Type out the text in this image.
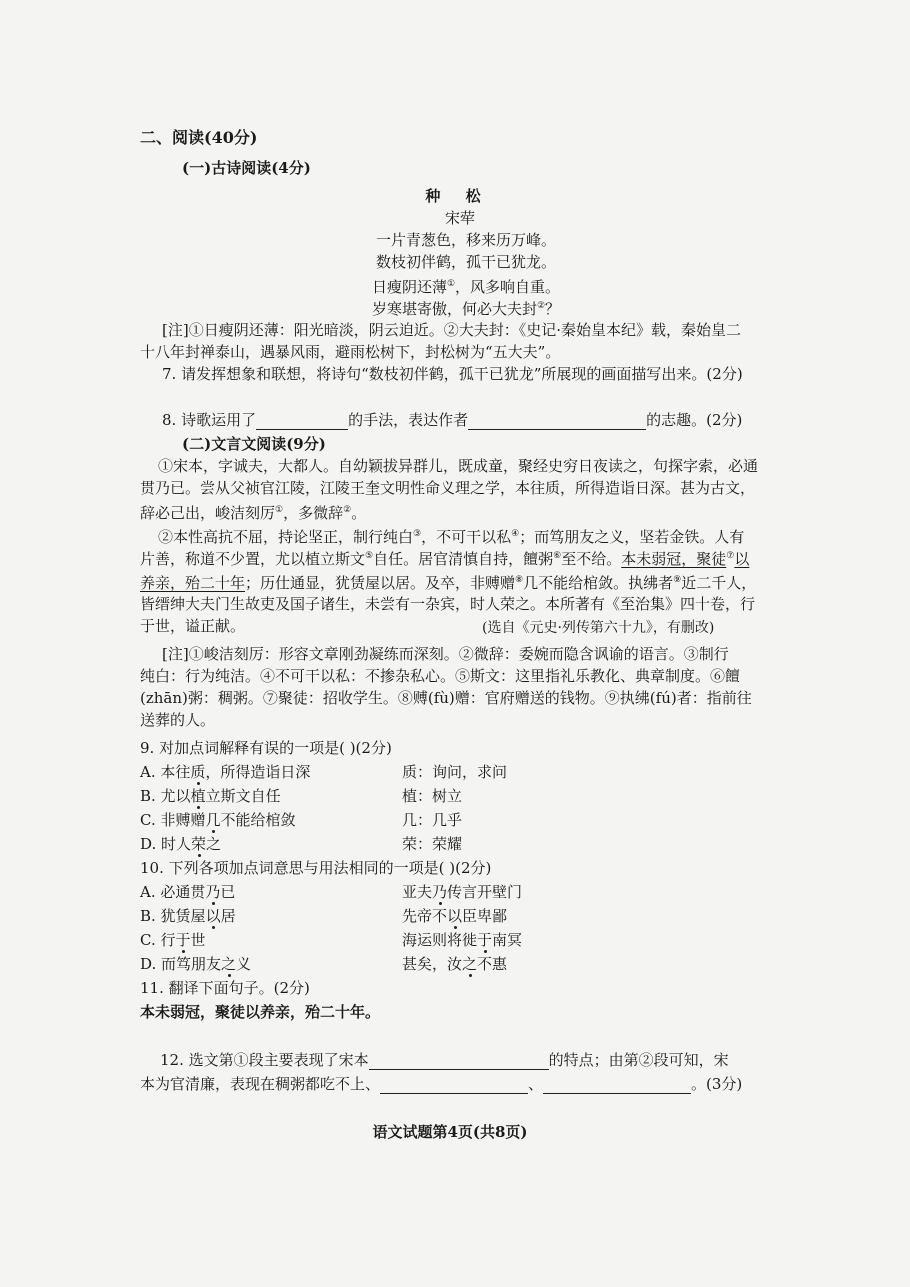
二、阅读(40分)
(一)古诗阅读(4分)
种 松
宋荦
一片青葱色，移来历万峰。
数枝初伴鹤，孤干已犹龙。
日瘦阴还薄①，风多响自重。
岁寒堪寄傲，何必大夫封②？
[注]①日瘦阴还薄：阳光暗淡，阴云迫近。②大夫封：《史记·秦始皇本纪》载，秦始皇二
十八年封禅泰山，遇暴风雨，避雨松树下，封松树为“五大夫”。
7. 请发挥想象和联想，将诗句“数枝初伴鹤，孤干已犹龙”所展现的画面描写出来。(2分)
8. 诗歌运用了	的手法，表达作者	的志趣。(2分)
(二)文言文阅读(9分)
①宋本，字诚夫，大都人。自幼颖拔异群儿，既成童，聚经史穷日夜读之，句探字索，必通
贯乃已。尝从父祯官江陵，江陵王奎文明性命义理之学，本往质，所得造诣日深。甚为古文，
辞必己出，峻洁刻厉①，多微辞②。
②本性高抗不屈，持论坚正，制行纯白③，不可干以私④；而笃朋友之义，坚若金铁。人有
片善，称道不少置，尤以植立斯文⑤自任。居官清慎自持，饘粥⑥至不给。本未弱冠，聚徒⑦以
养亲，殆二十年；历仕通显，犹赁屋以居。及卒，非赙赠⑧几不能给棺敛。执绋者⑨近二千人，
皆缙绅大夫门生故吏及国子诸生，未尝有一杂宾，时人荣之。本所著有《至治集》四十卷，行
于世，谥正献。	(选自《元史·列传第六十九》，有删改)
[注]①峻洁刻厉：形容文章刚劲凝练而深刻。②微辞：委婉而隐含讽谕的语言。③制行
纯白：行为纯洁。④不可干以私：不掺杂私心。⑤斯文：这里指礼乐教化、典章制度。⑥饘
(zhān)粥：稠粥。⑦聚徒：招收学生。⑧赙(fù)赠：官府赠送的钱物。⑨执绋(fú)者：指前往
送葬的人。
9. 对加点词解释有误的一项是( )(2分)
A. 本往质，所得造诣日深	质：询问，求问
B. 尤以植立斯文自任	植：树立
C. 非赙赠几不能给棺敛	几：几乎
D. 时人荣之	荣：荣耀
10. 下列各项加点词意思与用法相同的一项是( )(2分)
A. 必通贯乃已	亚夫乃传言开壁门
B. 犹赁屋以居	先帝不以臣卑鄙
C. 行于世	海运则将徙于南冥
D. 而笃朋友之义	甚矣，汝之不惠
11. 翻译下面句子。(2分)
本未弱冠，聚徒以养亲，殆二十年。
12. 选文第①段主要表现了宋本	的特点；由第②段可知，宋
本为官清廉，表现在稠粥都吃不上、	、	。(3分)
语文试题第4页(共8页)
